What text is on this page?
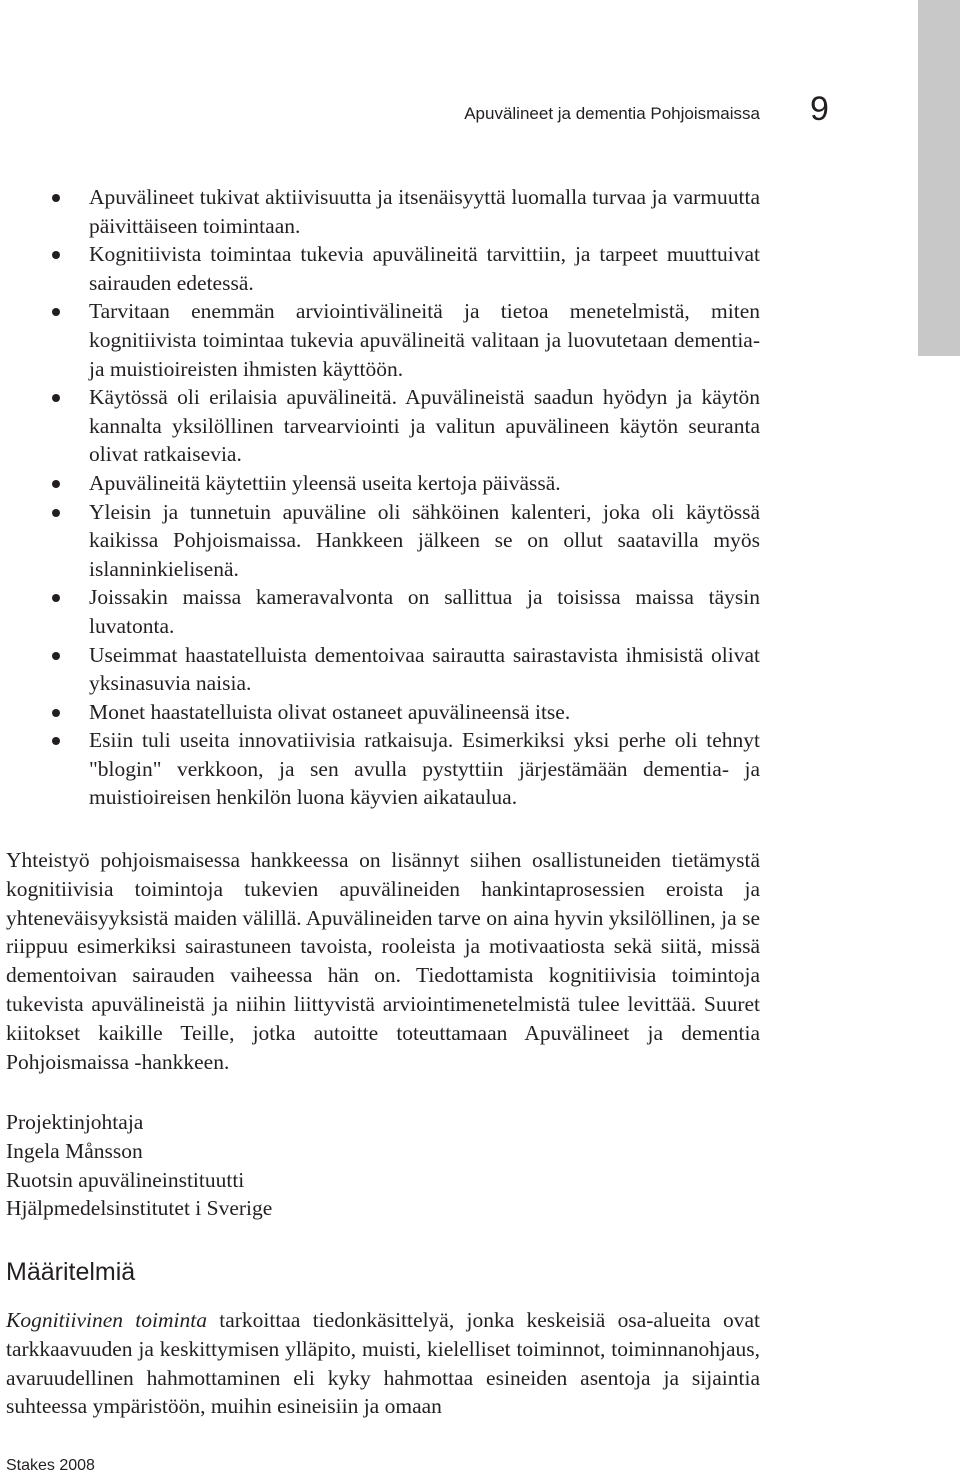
Apuvälineet ja dementia Pohjoismaissa 9
Apuvälineet tukivat aktiivisuutta ja itsenäisyyttä luomalla turvaa ja varmuutta päivittäiseen toimintaan.
Kognitiivista toimintaa tukevia apuvälineitä tarvittiin, ja tarpeet muuttuivat sairauden edetessä.
Tarvitaan enemmän arviointivälineitä ja tietoa menetelmistä, miten kognitiivista toimintaa tukevia apuvälineitä valitaan ja luovutetaan dementia- ja muistioireisten ihmisten käyttöön.
Käytössä oli erilaisia apuvälineitä. Apuvälineistä saadun hyödyn ja käytön kannalta yksilöllinen tarvearviointi ja valitun apuvälineen käytön seuranta olivat ratkaisevia.
Apuvälineitä käytettiin yleensä useita kertoja päivässä.
Yleisin ja tunnetuin apuväline oli sähköinen kalenteri, joka oli käytössä kaikissa Pohjoismaissa. Hankkeen jälkeen se on ollut saatavilla myös islanninkielisenä.
Joissakin maissa kameravalvonta on sallittua ja toisissa maissa täysin luvatonta.
Useimmat haastatelluista dementoivaa sairautta sairastavista ihmisistä olivat yksinasuvia naisia.
Monet haastatelluista olivat ostaneet apuvälineensä itse.
Esiin tuli useita innovatiivisia ratkaisuja. Esimerkiksi yksi perhe oli tehnyt "blogin" verkkoon, ja sen avulla pystyttiin järjestämään dementia- ja muistioireisen henkilön luona käyvien aikataulua.

Yhteistyö pohjoismaisessa hankkeessa on lisännyt siihen osallistuneiden tietämystä kognitiivisia toimintoja tukevien apuvälineiden hankintaprosessien eroista ja yhteneväisyyksistä maiden välillä. Apuvälineiden tarve on aina hyvin yksilöllinen, ja se riippuu esimerkiksi sairastuneen tavoista, rooleista ja motivaatiosta sekä siitä, missä dementoivan sairauden vaiheessa hän on. Tiedottamista kognitiivisia toimintoja tukevista apuvälineistä ja niihin liittyvistä arviointimenetelmistä tulee levittää. Suuret kiitokset kaikille Teille, jotka autoitte toteuttamaan Apuvälineet ja dementia Pohjoismaissa -hankkeen.

Projektinjohtaja
Ingela Månsson
Ruotsin apuvälineinstituutti
Hjälpmedelsinstitutet i Sverige
Määritelmiä

Kognitiivinen toiminta tarkoittaa tiedonkäsittelyä, jonka keskeisiä osa-alueita ovat tarkkaavuuden ja keskittymisen ylläpito, muisti, kielelliset toiminnot, toiminnanohjaus, avaruudellinen hahmottaminen eli kyky hahmottaa esineiden asentoja ja sijaintia suhteessa ympäristöön, muihin esineisiin ja omaan

Stakes 2008
